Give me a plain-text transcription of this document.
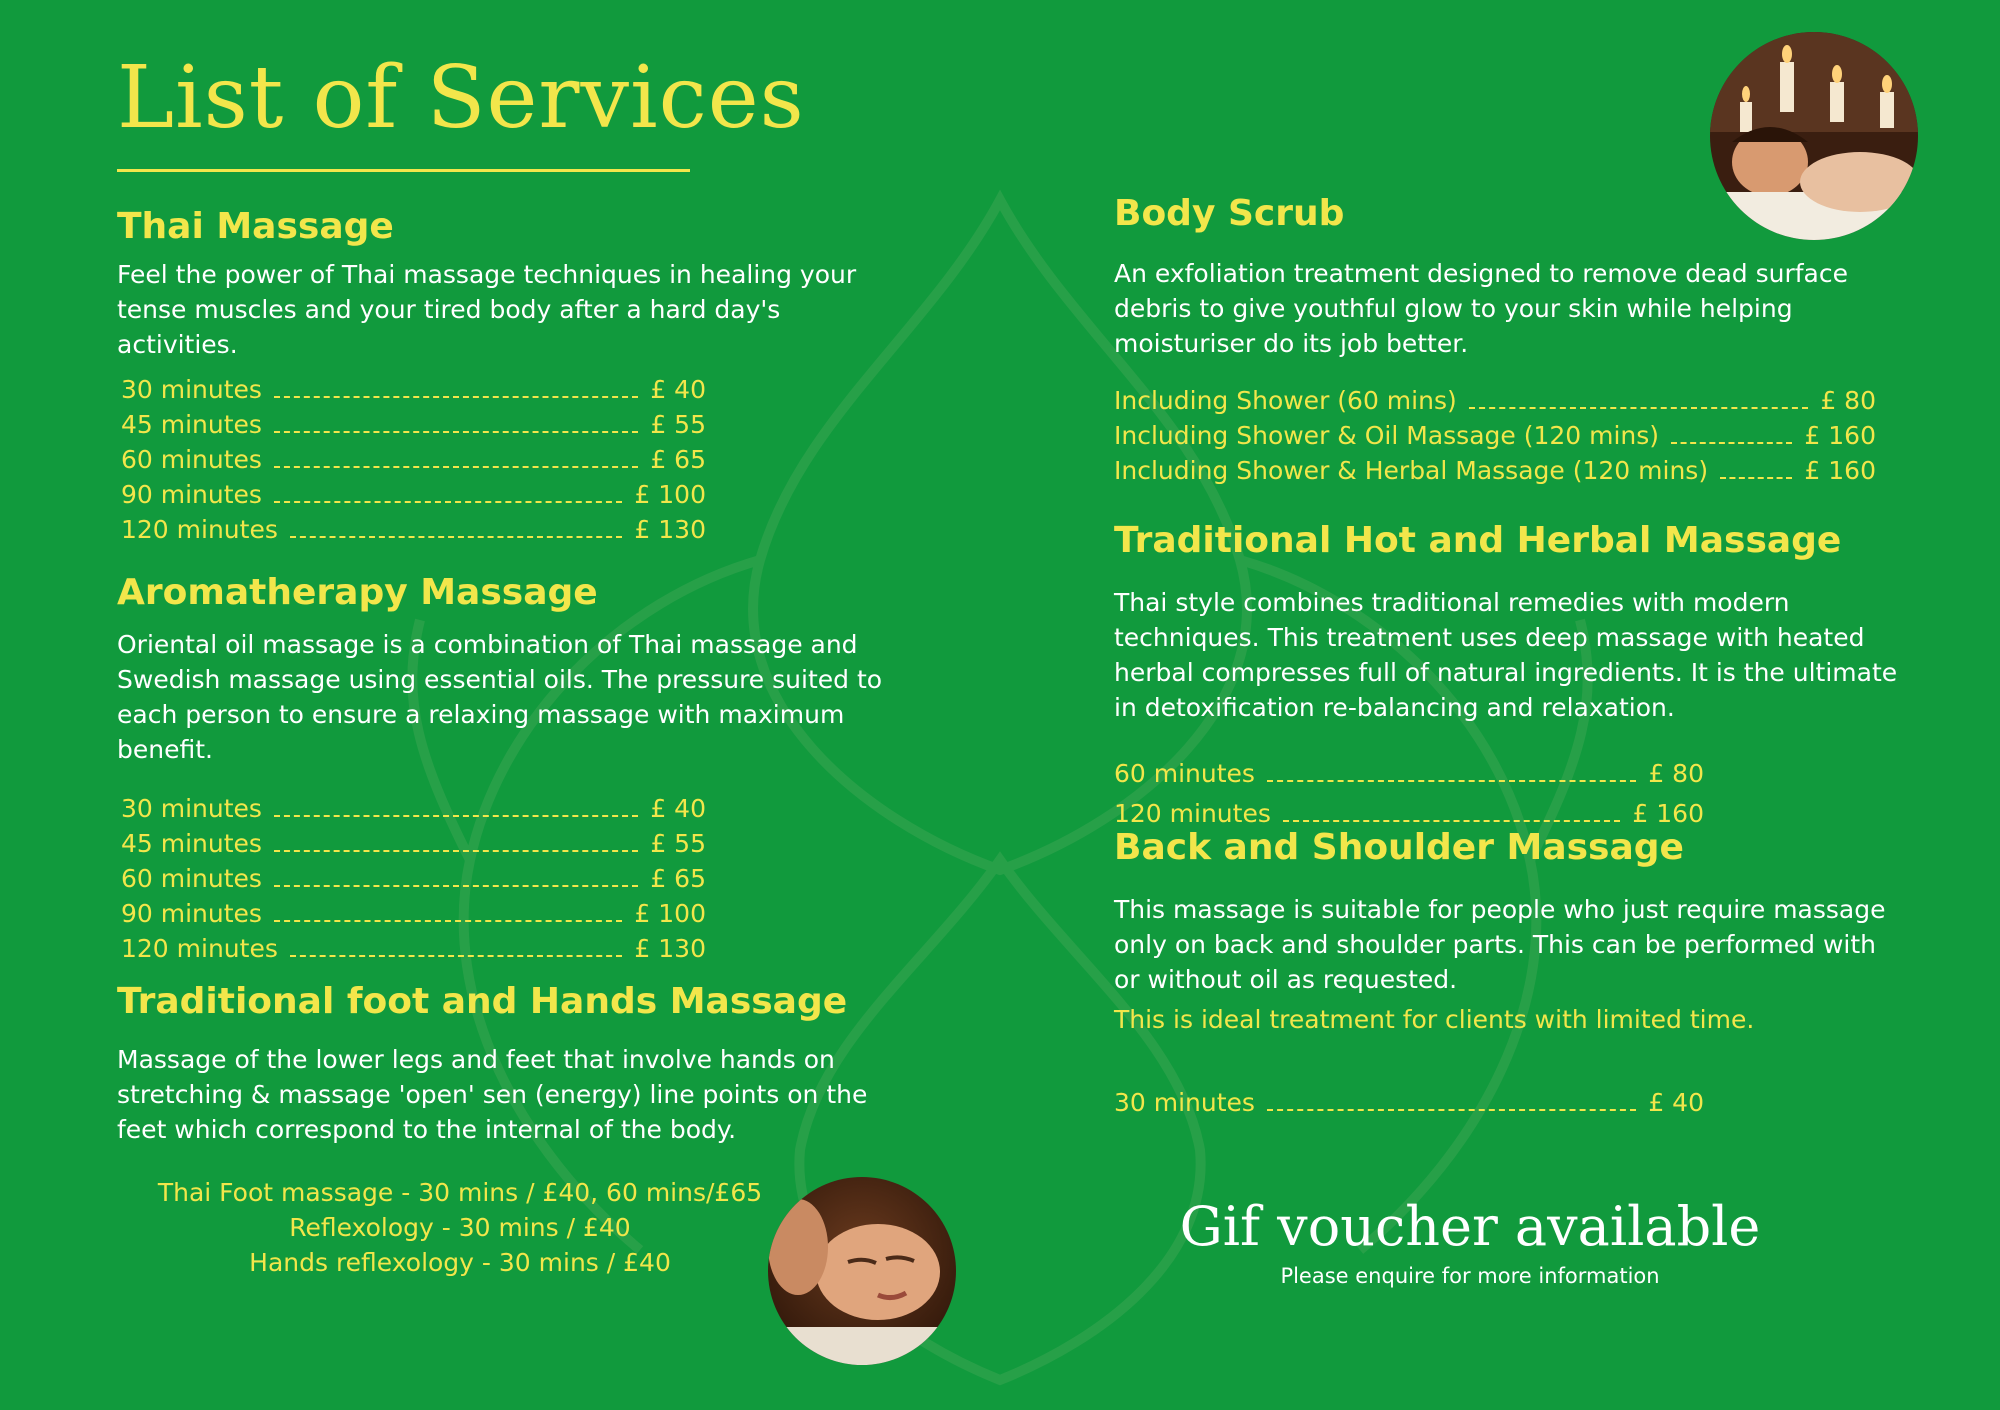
List of Services
Thai Massage

Feel the power of Thai massage techniques in healing your tense muscles and your tired body after a hard day's activities.

30 minutes	£ 40
45 minutes	£ 55
60 minutes	£ 65
90 minutes	£ 100
120 minutes	£ 130
Aromatherapy Massage

Oriental oil massage is a combination of Thai massage and Swedish massage using essential oils. The pressure suited to each person to ensure a relaxing massage with maximum benefit.

30 minutes	£ 40
45 minutes	£ 55
60 minutes	£ 65
90 minutes	£ 100
120 minutes	£ 130
Traditional foot and Hands Massage

Massage of the lower legs and feet that involve hands on stretching & massage 'open' sen (energy) line points on the feet which correspond to the internal of the body.

Thai Foot massage - 30 mins / £40, 60 mins/£65
Reflexology - 30 mins / £40
Hands reflexology - 30 mins / £40
Body Scrub

An exfoliation treatment designed to remove dead surface debris to give youthful glow to your skin while helping moisturiser do its job better.

Including Shower (60 mins)	£ 80
Including Shower & Oil Massage (120 mins)	£ 160
Including Shower & Herbal Massage (120 mins)	£ 160
Traditional Hot and Herbal Massage

Thai style combines traditional remedies with modern techniques. This treatment uses deep massage with heated herbal compresses full of natural ingredients. It is the ultimate in detoxification re-balancing and relaxation.

60 minutes	£ 80
120 minutes	£ 160
Back and Shoulder Massage

This massage is suitable for people who just require massage only on back and shoulder parts. This can be performed with or without oil as requested.

This is ideal treatment for clients with limited time.

30 minutes	£ 40
Gif voucher available

Please enquire for more information
